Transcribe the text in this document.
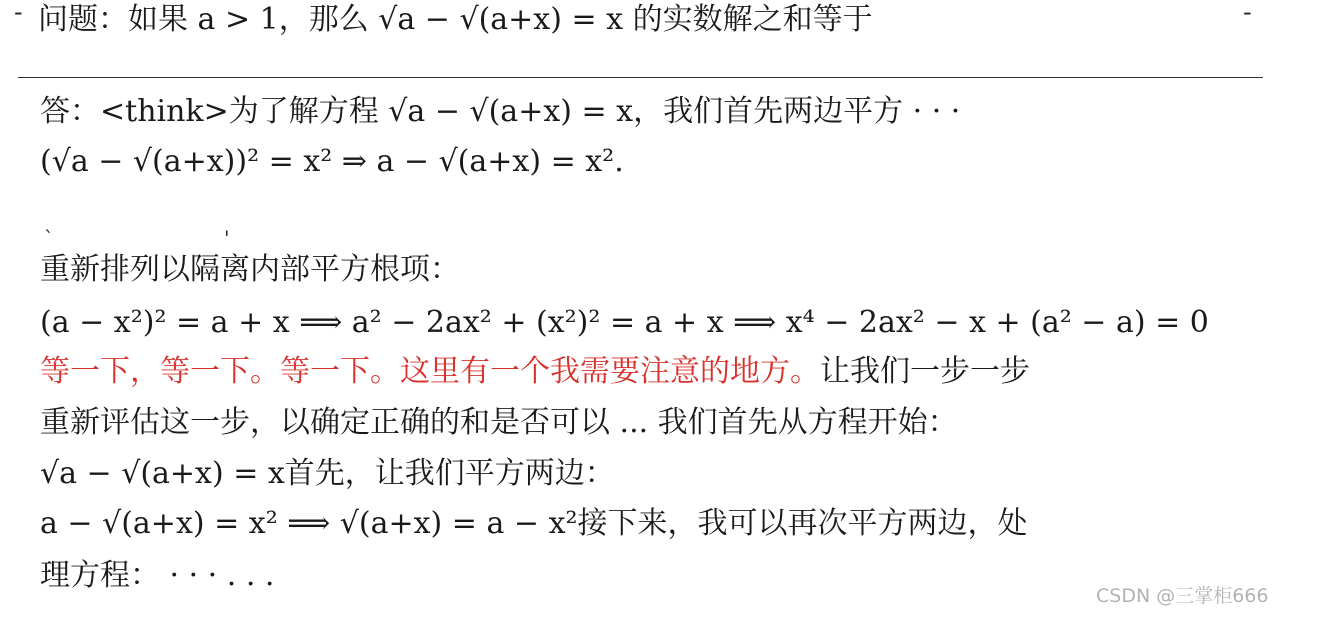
-	-
问题：如果 a > 1，那么 √a − √(a+x) = x 的实数解之和等于
答：<think>为了解方程 √a − √(a+x) = x，我们首先两边平方 · · ·
(√a − √(a+x))² = x² ⇒ a − √(a+x) = x².
`	'
重新排列以隔离内部平方根项：
(a − x²)² = a + x ⟹ a² − 2ax² + (x²)² = a + x ⟹ x⁴ − 2ax² − x + (a² − a) = 0
等一下，等一下。等一下。这里有一个我需要注意的地方。让我们一步一步
重新评估这一步，以确定正确的和是否可以 ... 我们首先从方程开始：
√a − √(a+x) = x首先，让我们平方两边：
a − √(a+x) = x² ⟹ √(a+x) = a − x²接下来，我可以再次平方两边，处
理方程： · · · . . .
CSDN @三掌柜666
